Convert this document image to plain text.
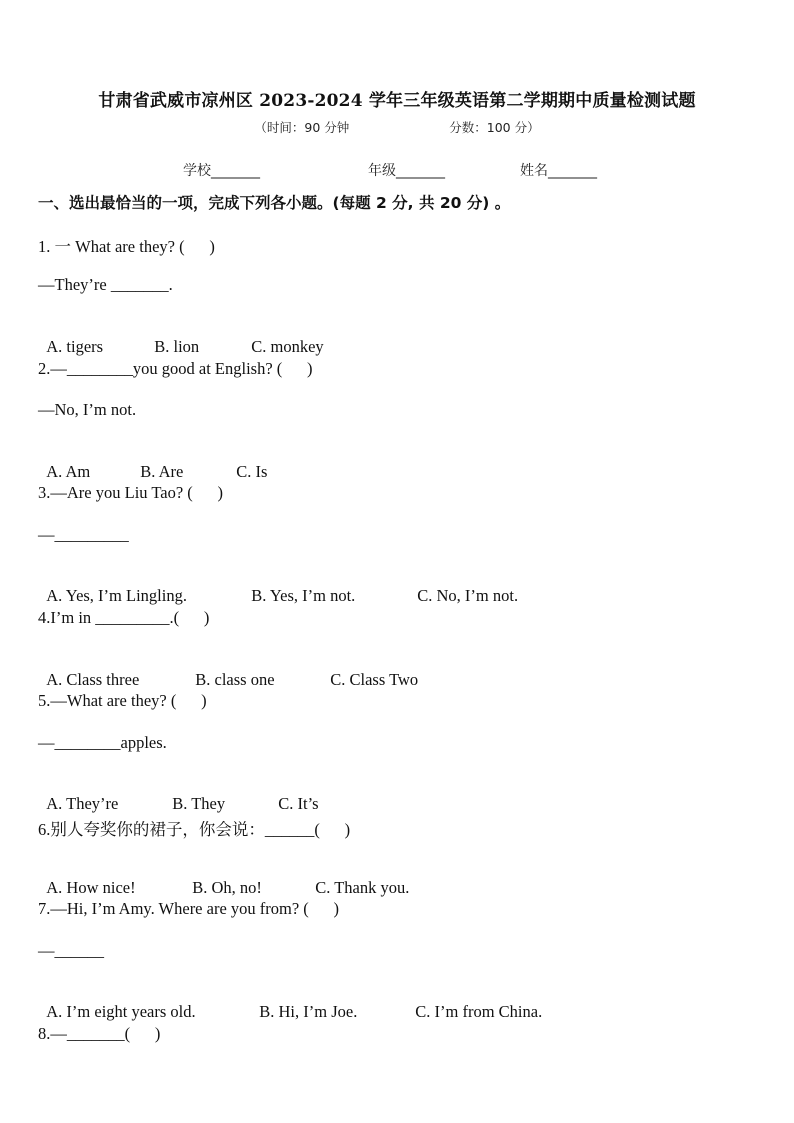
甘肃省武威市凉州区 2023-2024 学年三年级英语第二学期期中质量检测试题
（时间：90 分钟	分数：100 分）
学校_______	年级_______	姓名_______
一、选出最恰当的一项，完成下列各小题。(每题 2 分, 共 20 分) 。
1. 一 What are they? (      )
—They’re _______.

A. tigers	B. lion	C. monkey

2.—________you good at English? (      )
—No, I’m not.

A. Am	B. Are	C. Is

3.—Are you Liu Tao? (      )
—_________

A. Yes, I’m Lingling.	B. Yes, I’m not.	C. No, I’m not.

4.I’m in _________.(      )

A. Class three	B. class one	C. Class Two

5.—What are they? (      )
—________apples.

A. They’re	B. They	C. It’s

6.别人夸奖你的裙子，你会说：______(      )

A. How nice!	B. Oh, no!	C. Thank you.

7.—Hi, I’m Amy. Where are you from? (      )
—______

A. I’m eight years old.	B. Hi, I’m Joe.	C. I’m from China.

8.—_______(      )
